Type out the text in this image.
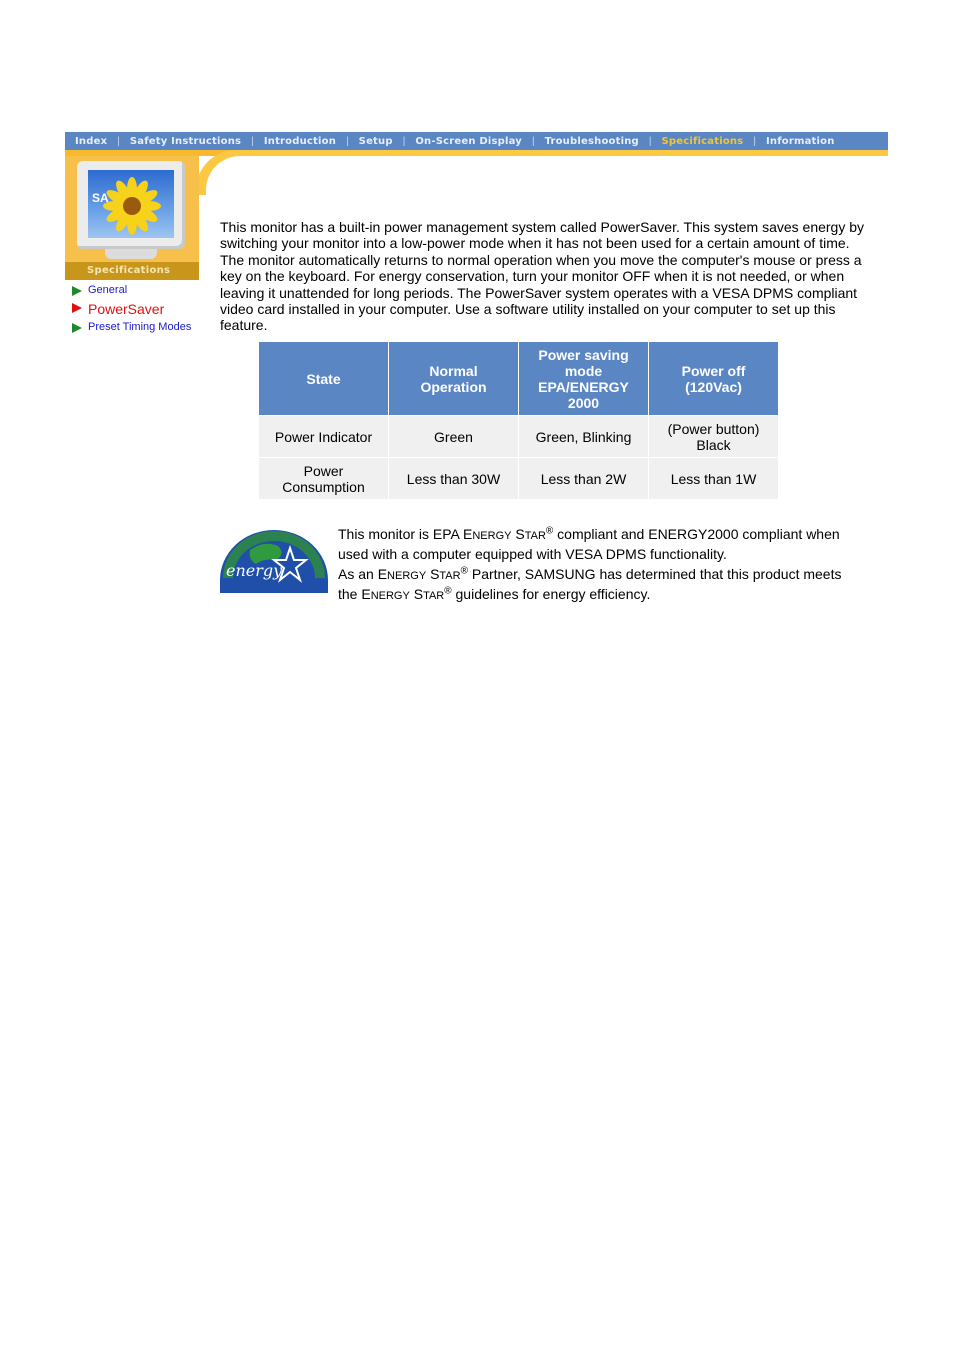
Index	|	Safety Instructions	|	Introduction	|	Setup	|	On-Screen Display	|	Troubleshooting	|	Specifications	|	Information
SA
Specifications
General
PowerSaver
Preset Timing Modes
This monitor has a built-in power management system called PowerSaver. This system saves energy by switching your monitor into a low-power mode when it has not been used for a certain amount of time. The monitor automatically returns to normal operation when you move the computer's mouse or press a key on the keyboard. For energy conservation, turn your monitor OFF when it is not needed, or when leaving it unattended for long periods. The PowerSaver system operates with a VESA DPMS compliant video card installed in your computer. Use a software utility installed on your computer to set up this feature.
State	Normal Operation	Power saving mode EPA/ENERGY 2000	Power off (120Vac)
Power Indicator	Green	Green, Blinking	(Power button) Black
Power Consumption	Less than 30W	Less than 2W	Less than 1W
energy

This monitor is EPA ENERGY STAR® compliant and ENERGY2000 compliant when used with a computer equipped with VESA DPMS functionality.

As an ENERGY STAR® Partner, SAMSUNG has determined that this product meets the ENERGY STAR® guidelines for energy efficiency.
